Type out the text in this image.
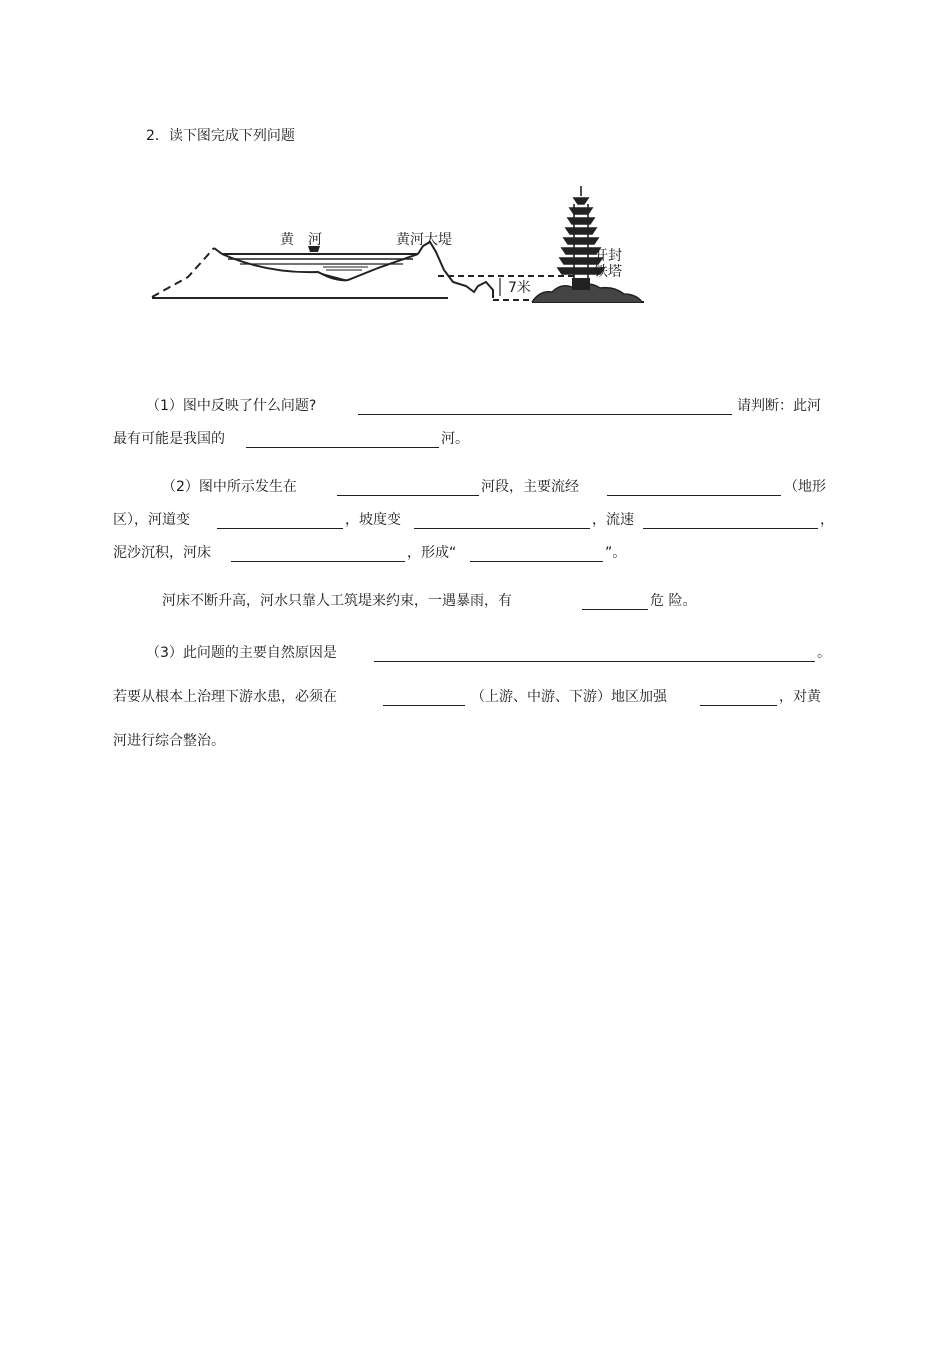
2．读下图完成下列问题
黄　河	黄河大堤
开封
铁塔
7米
（1）图中反映了什么问题?	请判断：此河
最有可能是我国的	河。
（2）图中所示发生在	河段，主要流经	（地形
区），河道变	，坡度变	，流速	，
泥沙沉积，河床	，形成“	”。
河床不断升高，河水只靠人工筑堤来约束，一遇暴雨，有	危 险。
（3）此问题的主要自然原因是	。
若要从根本上治理下游水患，必须在	（上游、中游、下游）地区加强	，对黄
河进行综合整治。
